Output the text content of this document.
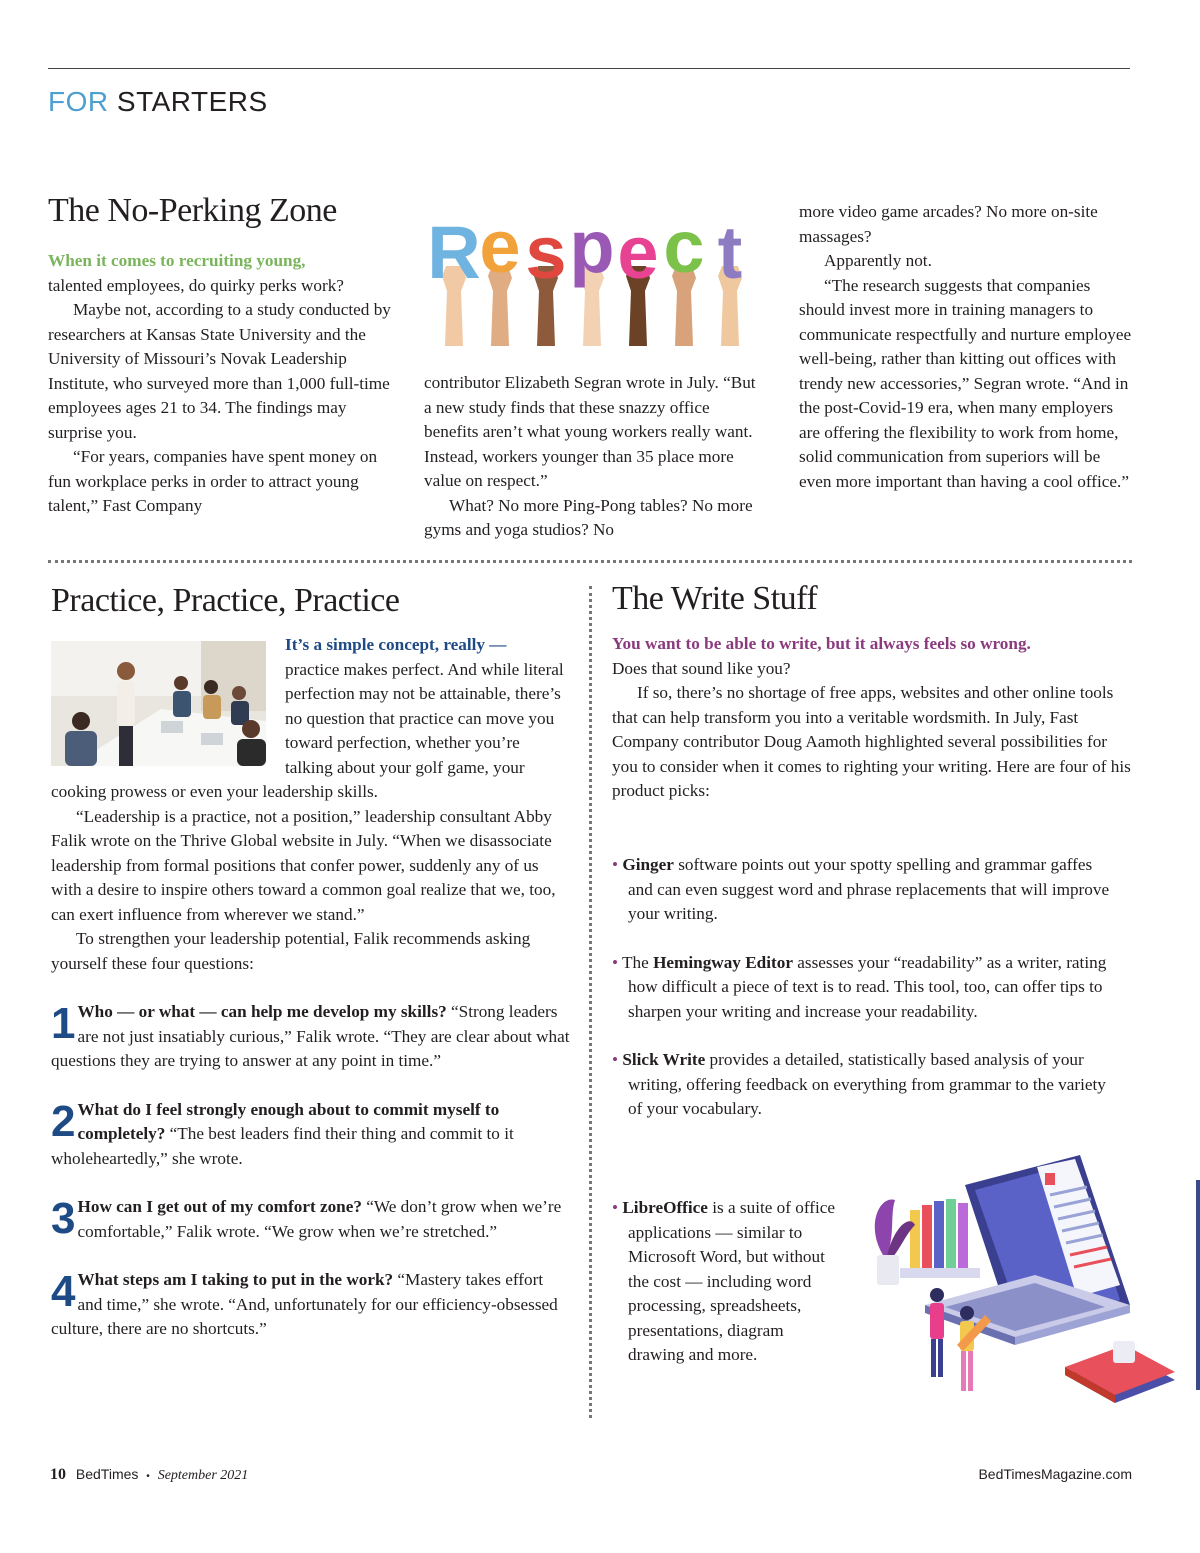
FOR STARTERS
The No-Perking Zone

When it comes to recruiting young,

talented employees, do quirky perks work?

Maybe not, according to a study conducted by researchers at Kansas State University and the University of Missouri’s Novak Leadership Institute, who surveyed more than 1,000 full-time employees ages 21 to 34. The findings may surprise you.

“For years, companies have spent money on fun workplace perks in order to attract young talent,” Fast Company

R
e s p e c t

contributor Elizabeth Segran wrote in July. “But a new study finds that these snazzy office benefits aren’t what young workers really want. Instead, workers younger than 35 place more value on respect.”

What? No more Ping-Pong tables? No more gyms and yoga studios? No

more video game arcades? No more on-site massages?

Apparently not.

“The research suggests that companies should invest more in training managers to communicate respectfully and nurture employee well-being, rather than kitting out offices with trendy new accessories,” Segran wrote. “And in the post-Covid-19 era, when many employers are offering the flexibility to work from home, solid communication from superiors will be even more important than having a cool office.”

Practice, Practice, Practice

It’s a simple concept, really —
practice makes perfect. And while literal perfection may not be attainable, there’s no question that practice can move you toward perfection, whether you’re talking about your golf game, your cooking prowess or even your leadership skills.

“Leadership is a practice, not a position,” leadership consultant Abby Falik wrote on the Thrive Global website in July. “When we disassociate leadership from formal positions that confer power, suddenly any of us with a desire to inspire others toward a common goal realize that we, too, can exert influence from wherever we stand.”

To strengthen your leadership potential, Falik recommends asking yourself these four questions:

1 Who — or what — can help me develop my skills? “Strong leaders are not just insatiably curious,” Falik wrote. “They are clear about what questions they are trying to answer at any point in time.”

2 What do I feel strongly enough about to commit myself to completely? “The best leaders find their thing and commit to it wholeheartedly,” she wrote.

3 How can I get out of my comfort zone? “We don’t grow when we’re comfortable,” Falik wrote. “We grow when we’re stretched.”

4 What steps am I taking to put in the work? “Mastery takes effort and time,” she wrote. “And, unfortunately for our efficiency-obsessed culture, there are no shortcuts.”

The Write Stuff

You want to be able to write, but it always feels so wrong.

Does that sound like you?

If so, there’s no shortage of free apps, websites and other online tools that can help transform you into a veritable wordsmith. In July, Fast Company contributor Doug Aamoth highlighted several possibilities for you to consider when it comes to righting your writing. Here are four of his product picks:

• Ginger software points out your spotty spelling and grammar gaffes and can even suggest word and phrase replacements that will improve your writing.

• The Hemingway Editor assesses your “readability” as a writer, rating how difficult a piece of text is to read. This tool, too, can offer tips to sharpen your writing and increase your readability.

• Slick Write provides a detailed, statistically based analysis of your writing, offering feedback on everything from grammar to the variety of your vocabulary.

• LibreOffice is a suite of office applications — similar to Microsoft Word, but without the cost — including word processing, spreadsheets, presentations, diagram drawing and more.
10 BedTimes • September 2021	BedTimesMagazine.com
